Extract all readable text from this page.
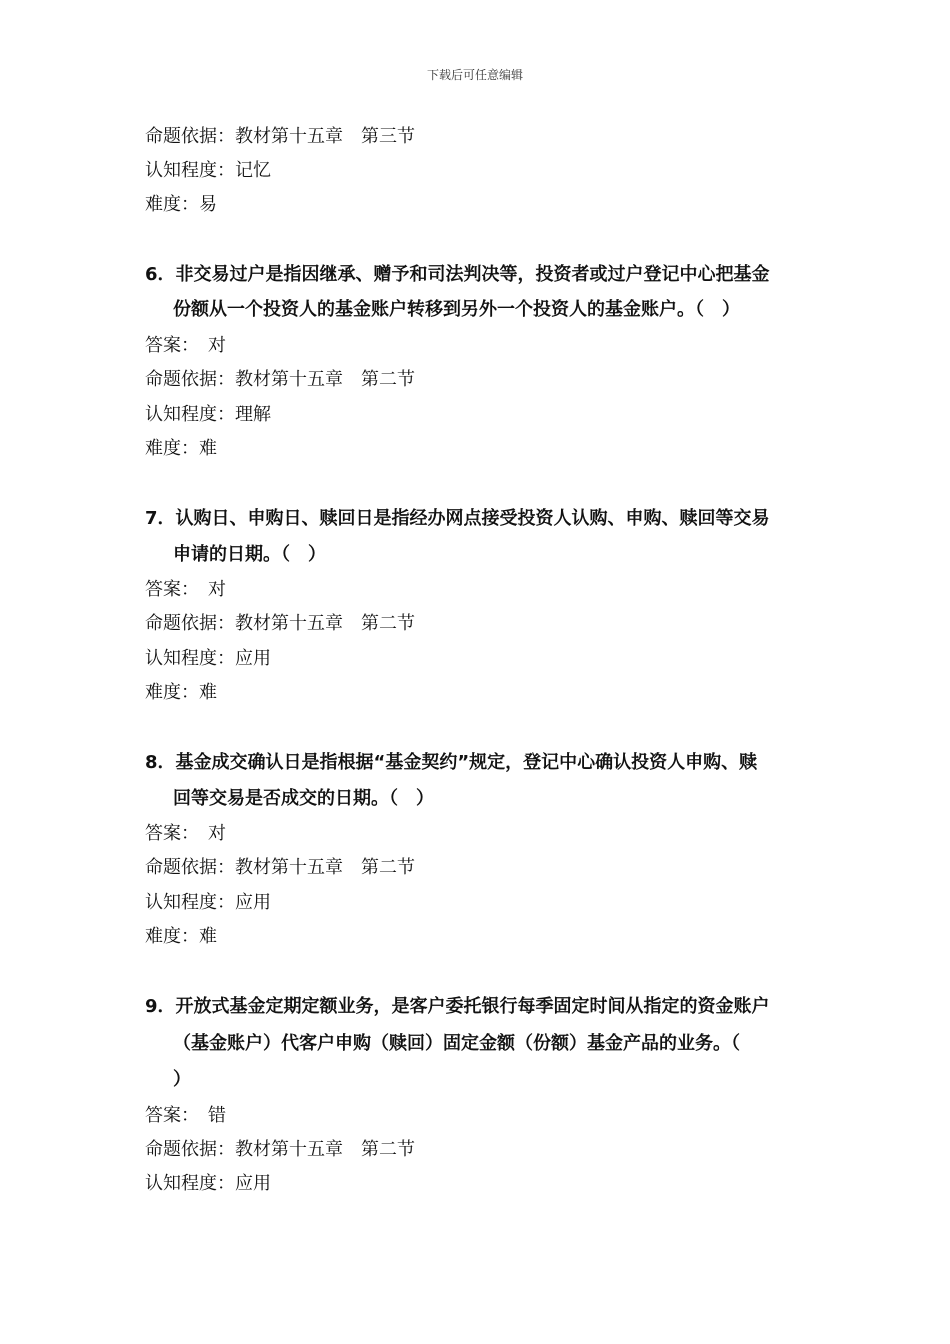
下载后可任意编辑
命题依据：教材第十五章　第三节
认知程度：记忆
难度：易
6．非交易过户是指因继承、赠予和司法判决等，投资者或过户登记中心把基金
份额从一个投资人的基金账户转移到另外一个投资人的基金账户。（　）
答案：　对
命题依据：教材第十五章　第二节
认知程度：理解
难度：难
7．认购日、申购日、赎回日是指经办网点接受投资人认购、申购、赎回等交易
申请的日期。（　）
答案：　对
命题依据：教材第十五章　第二节
认知程度：应用
难度：难
8．基金成交确认日是指根据“基金契约”规定，登记中心确认投资人申购、赎
回等交易是否成交的日期。（　）
答案：　对
命题依据：教材第十五章　第二节
认知程度：应用
难度：难
9．开放式基金定期定额业务，是客户委托银行每季固定时间从指定的资金账户
（基金账户）代客户申购（赎回）固定金额（份额）基金产品的业务。（
）
答案：　错
命题依据：教材第十五章　第二节
认知程度：应用
